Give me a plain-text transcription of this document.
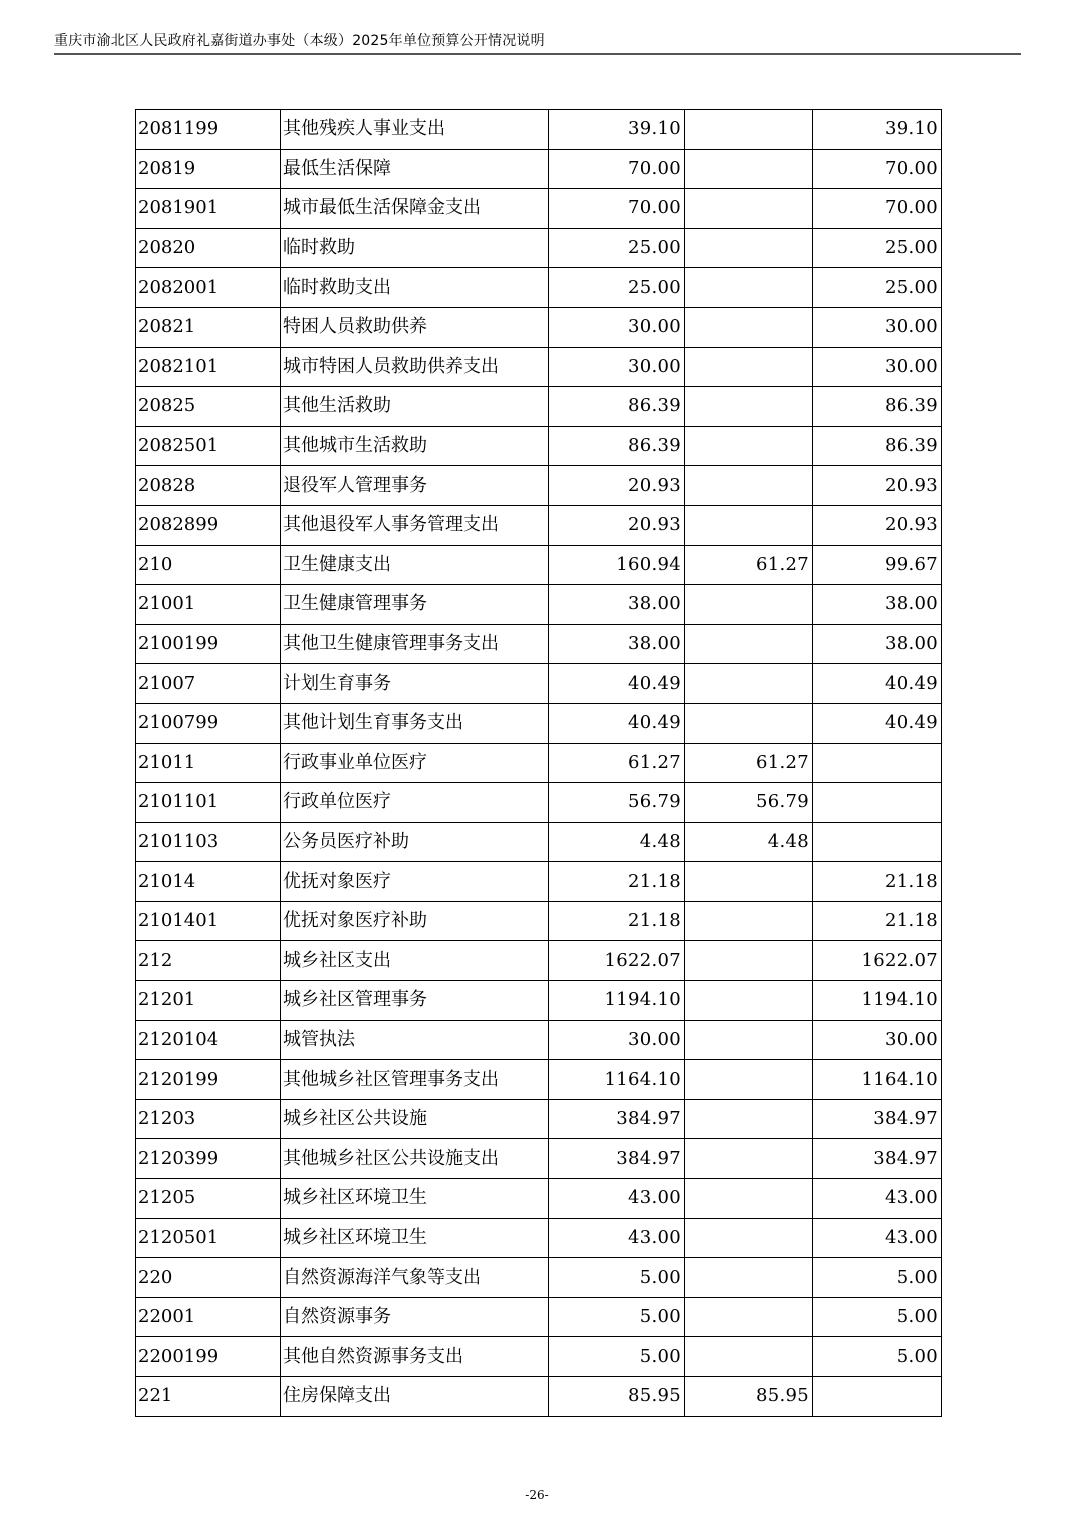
重庆市渝北区人民政府礼嘉街道办事处（本级）2025年单位预算公开情况说明
2081199	其他残疾人事业支出	39.10		39.10
20819	最低生活保障	70.00		70.00
2081901	城市最低生活保障金支出	70.00		70.00
20820	临时救助	25.00		25.00
2082001	临时救助支出	25.00		25.00
20821	特困人员救助供养	30.00		30.00
2082101	城市特困人员救助供养支出	30.00		30.00
20825	其他生活救助	86.39		86.39
2082501	其他城市生活救助	86.39		86.39
20828	退役军人管理事务	20.93		20.93
2082899	其他退役军人事务管理支出	20.93		20.93
210	卫生健康支出	160.94	61.27	99.67
21001	卫生健康管理事务	38.00		38.00
2100199	其他卫生健康管理事务支出	38.00		38.00
21007	计划生育事务	40.49		40.49
2100799	其他计划生育事务支出	40.49		40.49
21011	行政事业单位医疗	61.27	61.27	
2101101	行政单位医疗	56.79	56.79	
2101103	公务员医疗补助	4.48	4.48	
21014	优抚对象医疗	21.18		21.18
2101401	优抚对象医疗补助	21.18		21.18
212	城乡社区支出	1622.07		1622.07
21201	城乡社区管理事务	1194.10		1194.10
2120104	城管执法	30.00		30.00
2120199	其他城乡社区管理事务支出	1164.10		1164.10
21203	城乡社区公共设施	384.97		384.97
2120399	其他城乡社区公共设施支出	384.97		384.97
21205	城乡社区环境卫生	43.00		43.00
2120501	城乡社区环境卫生	43.00		43.00
220	自然资源海洋气象等支出	5.00		5.00
22001	自然资源事务	5.00		5.00
2200199	其他自然资源事务支出	5.00		5.00
221	住房保障支出	85.95	85.95	
-26-
